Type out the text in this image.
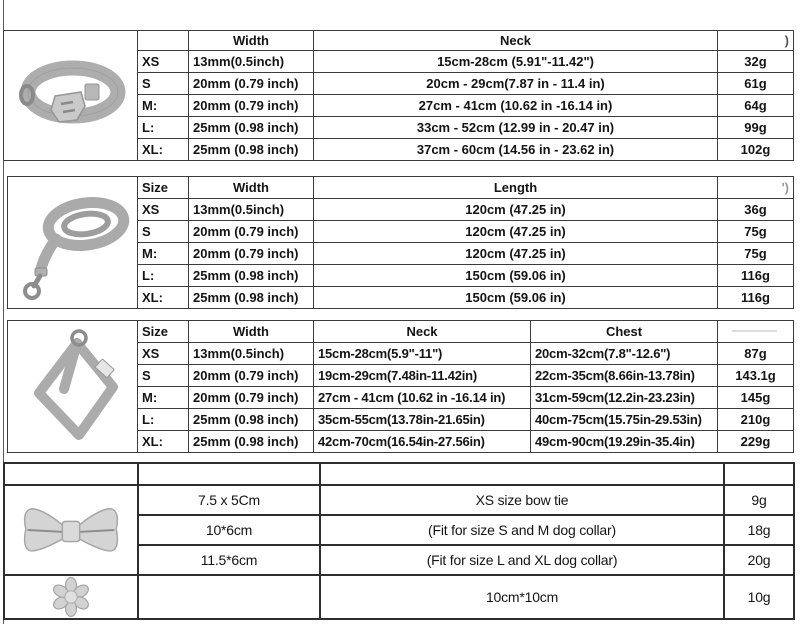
		Width	Neck	)
	XS	13mm(0.5inch)	15cm-28cm (5.91"-11.42")	32g
	S	20mm (0.79 inch)	20cm - 29cm(7.87 in - 11.4 in)	61g
	M:	20mm (0.79 inch)	27cm - 41cm (10.62 in -16.14 in)	64g
	L:	25mm (0.98 inch)	33cm - 52cm (12.99 in - 20.47 in)	99g
	XL:	25mm (0.98 inch)	37cm - 60cm (14.56 in - 23.62 in)	102g
	Size	Width	Length	')
	XS	13mm(0.5inch)	120cm (47.25 in)	36g
	S	20mm (0.79 inch)	120cm (47.25 in)	75g
	M:	20mm (0.79 inch)	120cm (47.25 in)	75g
	L:	25mm (0.98 inch)	150cm (59.06 in)	116g
	XL:	25mm (0.98 inch)	150cm (59.06 in)	116g
	Size	Width	Neck	Chest	
	XS	13mm(0.5inch)	15cm-28cm(5.9"-11")	20cm-32cm(7.8"-12.6")	87g
	S	20mm (0.79 inch)	19cm-29cm(7.48in-11.42in)	22cm-35cm(8.66in-13.78in)	143.1g
	M:	20mm (0.79 inch)	27cm - 41cm (10.62 in -16.14 in)	31cm-59cm(12.2in-23.23in)	145g
	L:	25mm (0.98 inch)	35cm-55cm(13.78in-21.65in)	40cm-75cm(15.75in-29.53in)	210g
	XL:	25mm (0.98 inch)	42cm-70cm(16.54in-27.56in)	49cm-90cm(19.29in-35.4in)	229g

	7.5 x 5Cm	XS size bow tie	9g
	10*6cm	(Fit for size S and M dog collar)	18g
	11.5*6cm	(Fit for size L and XL dog collar)	20g

		10cm*10cm	10g
